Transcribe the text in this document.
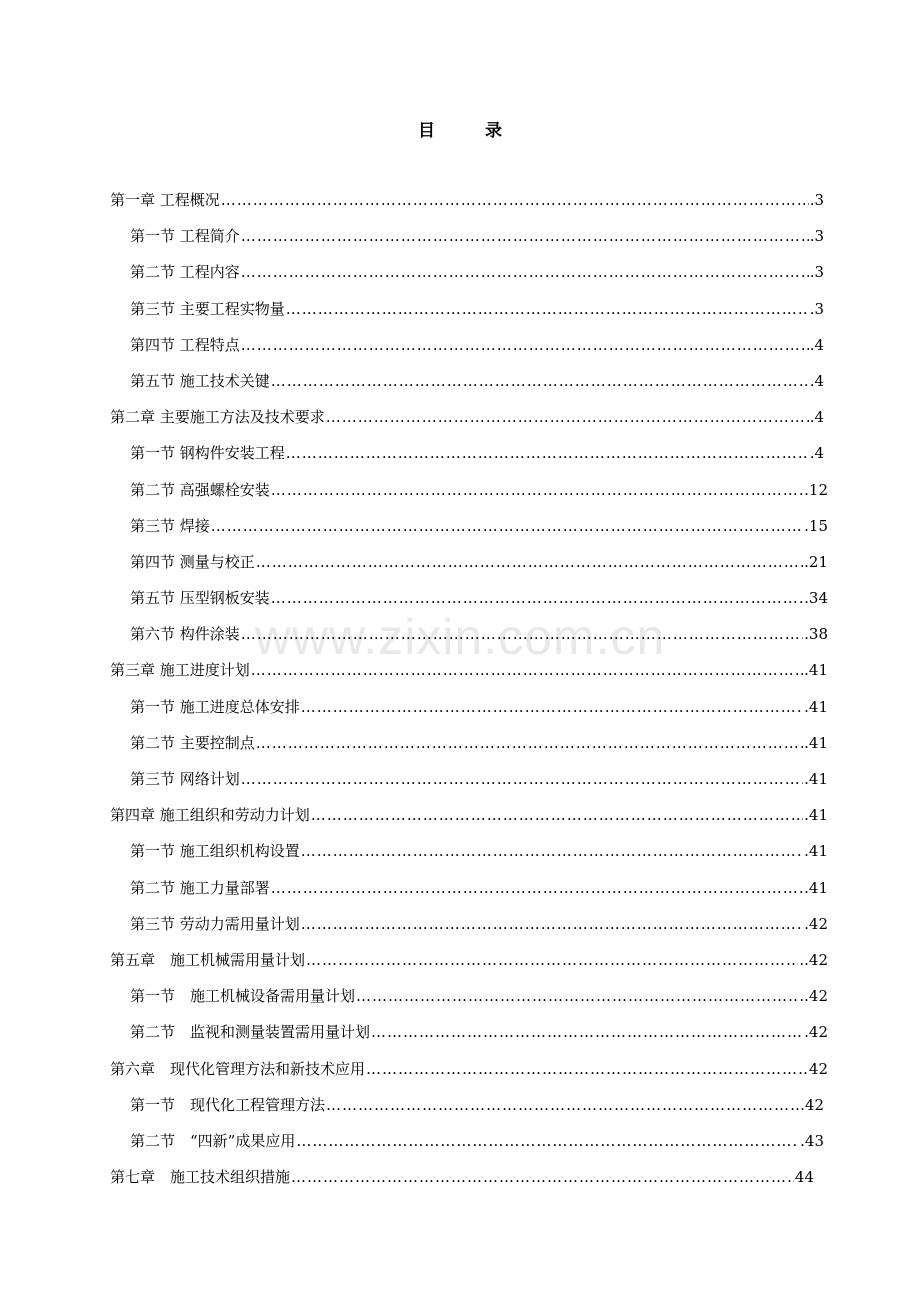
www.zixin.com.cn
目 录
第一章 工程概况 ……………………………………………………………………………………………………………………………………………………………………………………………………………………	.3
第一节 工程简介 ……………………………………………………………………………………………………………………………………………………………………………………………………………………	.3
第二节 工程内容 ……………………………………………………………………………………………………………………………………………………………………………………………………………………	.3
第三节 主要工程实物量 ……………………………………………………………………………………………………………………………………………………………………………………………………………………	.3
第四节 工程特点 ……………………………………………………………………………………………………………………………………………………………………………………………………………………	.4
第五节 施工技术关键 ……………………………………………………………………………………………………………………………………………………………………………………………………………………	.4
第二章 主要施工方法及技术要求 ……………………………………………………………………………………………………………………………………………………………………………………………………………………	.4
第一节 钢构件安装工程 ……………………………………………………………………………………………………………………………………………………………………………………………………………………	.4
第二节 高强螺栓安装 ……………………………………………………………………………………………………………………………………………………………………………………………………………………	.12
第三节 焊接 ……………………………………………………………………………………………………………………………………………………………………………………………………………………	.15
第四节 测量与校正 ……………………………………………………………………………………………………………………………………………………………………………………………………………………	.21
第五节 压型钢板安装 ……………………………………………………………………………………………………………………………………………………………………………………………………………………	.34
第六节 构件涂装 ……………………………………………………………………………………………………………………………………………………………………………………………………………………	.38
第三章 施工进度计划 ……………………………………………………………………………………………………………………………………………………………………………………………………………………	.41
第一节 施工进度总体安排 ……………………………………………………………………………………………………………………………………………………………………………………………………………………	.41
第二节 主要控制点 ……………………………………………………………………………………………………………………………………………………………………………………………………………………	.41
第三节 网络计划 ……………………………………………………………………………………………………………………………………………………………………………………………………………………	.41
第四章 施工组织和劳动力计划 ……………………………………………………………………………………………………………………………………………………………………………………………………………………	.41
第一节 施工组织机构设置 ……………………………………………………………………………………………………………………………………………………………………………………………………………………	.41
第二节 施工力量部署 ……………………………………………………………………………………………………………………………………………………………………………………………………………………	.41
第三节 劳动力需用量计划 ……………………………………………………………………………………………………………………………………………………………………………………………………………………	.42
第五章　施工机械需用量计划 ……………………………………………………………………………………………………………………………………………………………………………………………………………………	..42
第一节　施工机械设备需用量计划 ……………………………………………………………………………………………………………………………………………………………………………………………………………………	..42
第二节　监视和测量装置需用量计划 ……………………………………………………………………………………………………………………………………………………………………………………………………………………	.42
第六章　现代化管理方法和新技术应用 ……………………………………………………………………………………………………………………………………………………………………………………………………………………	42
第一节　现代化工程管理方法 ……………………………………………………………………………………………………………………………………………………………………………………………………………………	.42
第二节　“四新”成果应用 ……………………………………………………………………………………………………………………………………………………………………………………………………………………	.43
第七章　施工技术组织措施 ……………………………………………………………………………………………………………………………………………………………………………………………………………………	44
